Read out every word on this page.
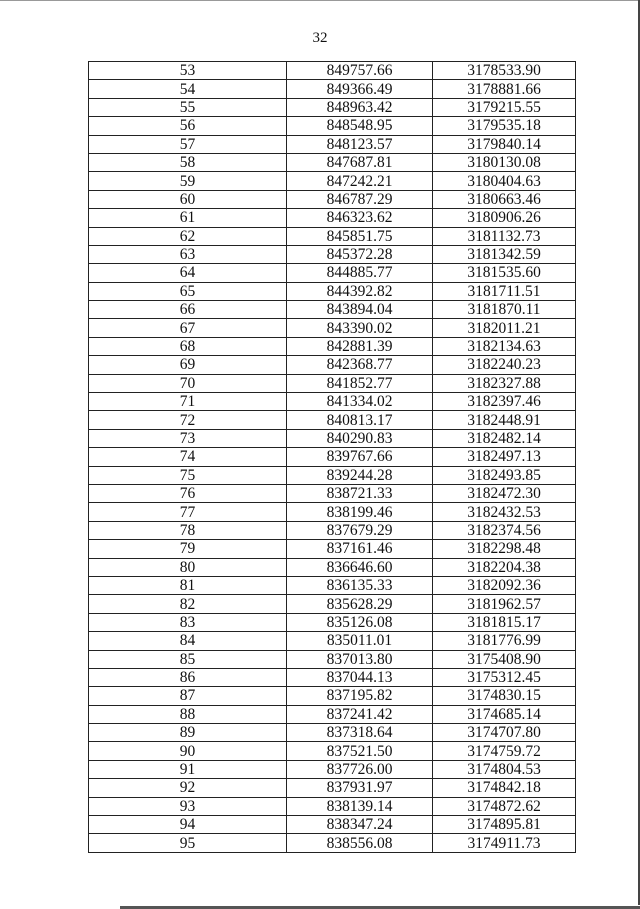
32
53	849757.66	3178533.90
54	849366.49	3178881.66
55	848963.42	3179215.55
56	848548.95	3179535.18
57	848123.57	3179840.14
58	847687.81	3180130.08
59	847242.21	3180404.63
60	846787.29	3180663.46
61	846323.62	3180906.26
62	845851.75	3181132.73
63	845372.28	3181342.59
64	844885.77	3181535.60
65	844392.82	3181711.51
66	843894.04	3181870.11
67	843390.02	3182011.21
68	842881.39	3182134.63
69	842368.77	3182240.23
70	841852.77	3182327.88
71	841334.02	3182397.46
72	840813.17	3182448.91
73	840290.83	3182482.14
74	839767.66	3182497.13
75	839244.28	3182493.85
76	838721.33	3182472.30
77	838199.46	3182432.53
78	837679.29	3182374.56
79	837161.46	3182298.48
80	836646.60	3182204.38
81	836135.33	3182092.36
82	835628.29	3181962.57
83	835126.08	3181815.17
84	835011.01	3181776.99
85	837013.80	3175408.90
86	837044.13	3175312.45
87	837195.82	3174830.15
88	837241.42	3174685.14
89	837318.64	3174707.80
90	837521.50	3174759.72
91	837726.00	3174804.53
92	837931.97	3174842.18
93	838139.14	3174872.62
94	838347.24	3174895.81
95	838556.08	3174911.73
